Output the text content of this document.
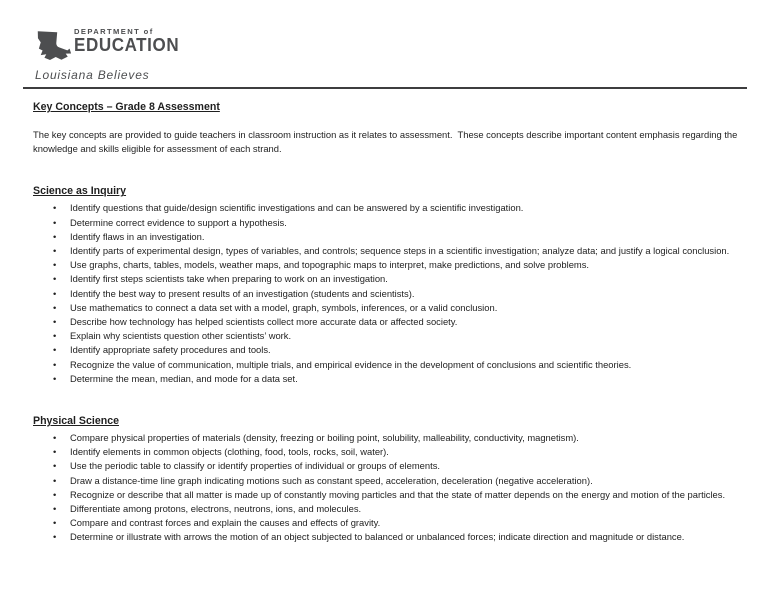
DEPARTMENT of
EDUCATION
Louisiana Believes
Key Concepts – Grade 8 Assessment
The key concepts are provided to guide teachers in classroom instruction as it relates to assessment.  These concepts describe important content emphasis regarding the knowledge and skills eligible for assessment of each strand.
Science as Inquiry
• Identify questions that guide/design scientific investigations and can be answered by a scientific investigation.
• Determine correct evidence to support a hypothesis.
• Identify flaws in an investigation.
• Identify parts of experimental design, types of variables, and controls; sequence steps in a scientific investigation; analyze data; and justify a logical conclusion.
• Use graphs, charts, tables, models, weather maps, and topographic maps to interpret, make predictions, and solve problems.
• Identify first steps scientists take when preparing to work on an investigation.
• Identify the best way to present results of an investigation (students and scientists).
• Use mathematics to connect a data set with a model, graph, symbols, inferences, or a valid conclusion.
• Describe how technology has helped scientists collect more accurate data or affected society.
• Explain why scientists question other scientists’ work.
• Identify appropriate safety procedures and tools.
• Recognize the value of communication, multiple trials, and empirical evidence in the development of conclusions and scientific theories.
• Determine the mean, median, and mode for a data set.
Physical Science
• Compare physical properties of materials (density, freezing or boiling point, solubility, malleability, conductivity, magnetism).
• Identify elements in common objects (clothing, food, tools, rocks, soil, water).
• Use the periodic table to classify or identify properties of individual or groups of elements.
• Draw a distance-time line graph indicating motions such as constant speed, acceleration, deceleration (negative acceleration).
• Recognize or describe that all matter is made up of constantly moving particles and that the state of matter depends on the energy and motion of the particles.
• Differentiate among protons, electrons, neutrons, ions, and molecules.
• Compare and contrast forces and explain the causes and effects of gravity.
• Determine or illustrate with arrows the motion of an object subjected to balanced or unbalanced forces; indicate direction and magnitude or distance.
